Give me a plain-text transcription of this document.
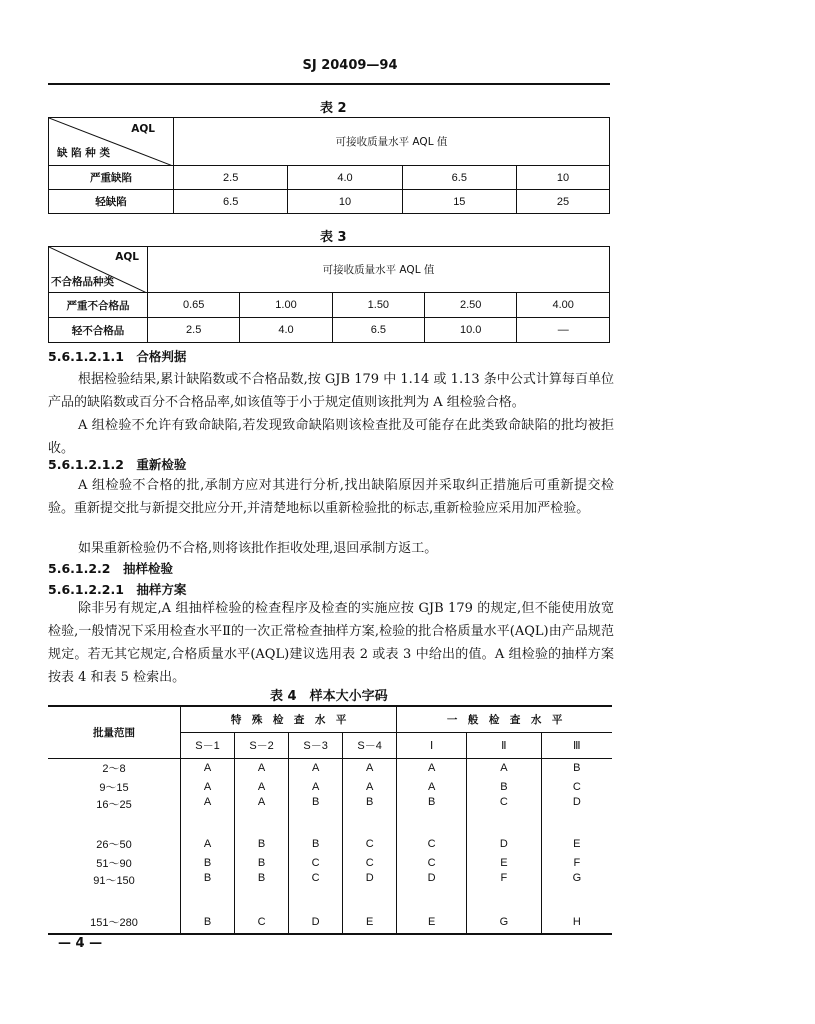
SJ 20409—94
表 2
AQL
缺 陷 种 类	可接收质量水平 AQL 值			
严重缺陷	2.5	4.0	6.5	10
轻缺陷	6.5	10	15	25
表 3
AQL
不合格品种类	可接收质量水平 AQL 值				
严重不合格品	0.65	1.00	1.50	2.50	4.00
轻不合格品	2.5	4.0	6.5	10.0	—
5.6.1.2.1.1　合格判据
根据检验结果,累计缺陷数或不合格品数,按 GJB 179 中 1.14 或 1.13 条中公式计算每百单位产品的缺陷数或百分不合格品率,如该值等于小于规定值则该批判为 A 组检验合格。
A 组检验不允许有致命缺陷,若发现致命缺陷则该检查批及可能存在此类致命缺陷的批均被拒收。
5.6.1.2.1.2　重新检验
A 组检验不合格的批,承制方应对其进行分析,找出缺陷原因并采取纠正措施后可重新提交检验。重新提交批与新提交批应分开,并清楚地标以重新检验批的标志,重新检验应采用加严检验。
如果重新检验仍不合格,则将该批作拒收处理,退回承制方返工。
5.6.1.2.2　抽样检验
5.6.1.2.2.1　抽样方案
除非另有规定,A 组抽样检验的检查程序及检查的实施应按 GJB 179 的规定,但不能使用放宽检验,一般情况下采用检查水平Ⅱ的一次正常检查抽样方案,检验的批合格质量水平(AQL)由产品规范规定。若无其它规定,合格质量水平(AQL)建议选用表 2 或表 3 中给出的值。A 组检验的抽样方案按表 4 和表 5 检索出。
表 4　样本大小字码
批量范围	特　殊　检　查　水　平				一　般　检　查　水　平		
	S－1	S－2	S－3	S－4	Ⅰ	Ⅱ	Ⅲ
2～8	A	A	A	A	A	A	B
9～15	A	A	A	A	A	B	C
16～25	A	A	B	B	B	C	D
26～50	A	B	B	C	C	D	E
51～90	B	B	C	C	C	E	F
91～150	B	B	C	D	D	F	G
151～280	B	C	D	E	E	G	H
— 4 —
